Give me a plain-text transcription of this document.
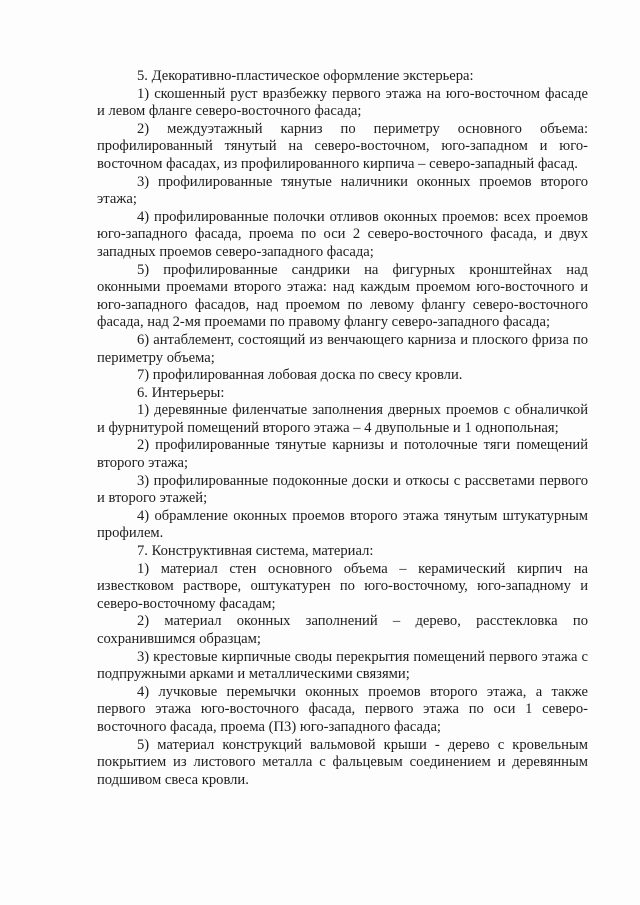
5. Декоративно-пластическое оформление экстерьера:

1) скошенный руст вразбежку первого этажа на юго-восточном фасаде и левом фланге северо-восточного фасада;

2) междуэтажный карниз по периметру основного объема: профилированный тянутый на северо-восточном, юго-западном и юго-восточном фасадах, из профилированного кирпича – северо-западный фасад.

3) профилированные тянутые наличники оконных проемов второго этажа;

4) профилированные полочки отливов оконных проемов: всех проемов юго-западного фасада, проема по оси 2 северо-восточного фасада, и двух западных проемов северо-западного фасада;

5) профилированные сандрики на фигурных кронштейнах над оконными проемами второго этажа: над каждым проемом юго-восточного и юго-западного фасадов, над проемом по левому флангу северо-восточного фасада, над 2-мя проемами по правому флангу северо-западного фасада;

6) антаблемент, состоящий из венчающего карниза и плоского фриза по периметру объема;

7) профилированная лобовая доска по свесу кровли.

6. Интерьеры:

1) деревянные филенчатые заполнения дверных проемов с обналичкой и фурнитурой помещений второго этажа – 4 двупольные и 1 однопольная;

2) профилированные тянутые карнизы и потолочные тяги помещений второго этажа;

3) профилированные подоконные доски и откосы с рассветами первого и второго этажей;

4) обрамление оконных проемов второго этажа тянутым штукатурным профилем.

7. Конструктивная система, материал:

1) материал стен основного объема – керамический кирпич на известковом растворе, оштукатурен по юго-восточному, юго-западному и северо-восточному фасадам;

2) материал оконных заполнений – дерево, расстекловка по сохранившимся образцам;

3) крестовые кирпичные своды перекрытия помещений первого этажа с подпружными арками и металлическими связями;

4) лучковые перемычки оконных проемов второго этажа, а также первого этажа юго-восточного фасада, первого этажа по оси 1 северо-восточного фасада, проема (П3) юго-западного фасада;

5) материал конструкций вальмовой крыши - дерево с кровельным покрытием из листового металла с фальцевым соединением и деревянным подшивом свеса кровли.
